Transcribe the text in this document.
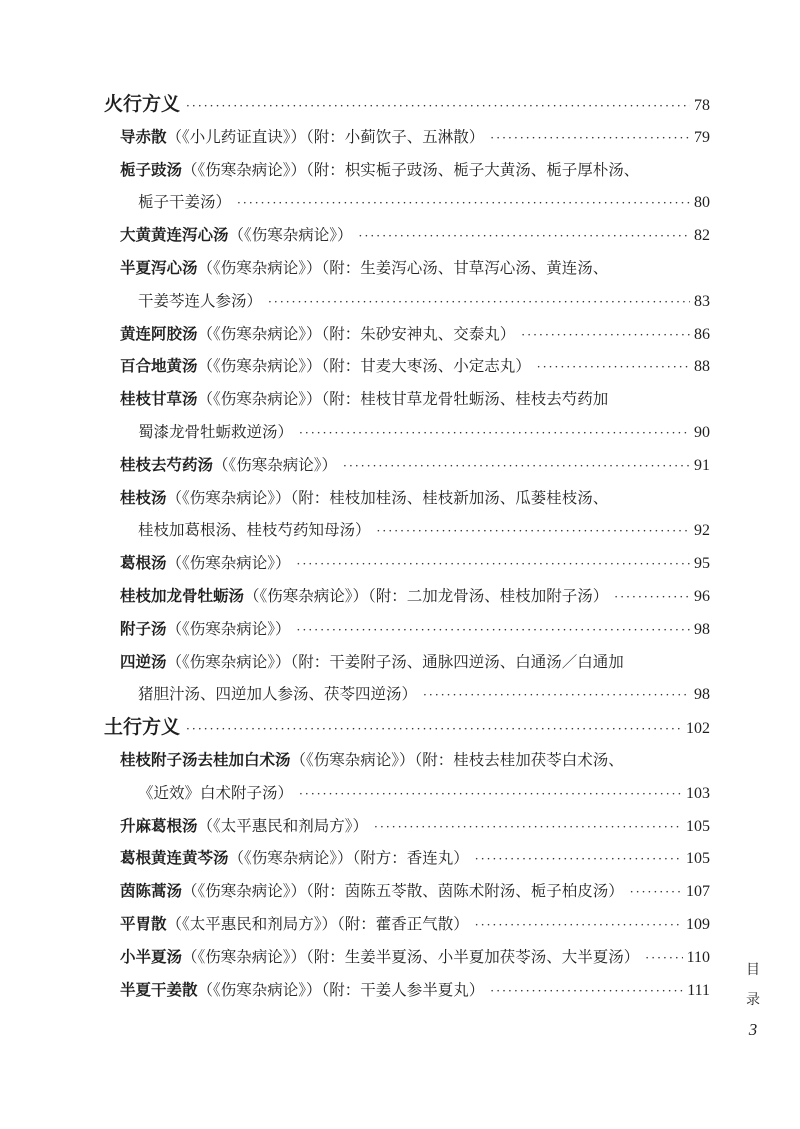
火行方义 ·····	78
导赤散（《小儿药证直诀》）（附：小蓟饮子、五淋散） ·····	79
栀子豉汤（《伤寒杂病论》）（附：枳实栀子豉汤、栀子大黄汤、栀子厚朴汤、
栀子干姜汤） ·····	80
大黄黄连泻心汤（《伤寒杂病论》） ·····	82
半夏泻心汤（《伤寒杂病论》）（附：生姜泻心汤、甘草泻心汤、黄连汤、
干姜芩连人参汤） ·····	83
黄连阿胶汤（《伤寒杂病论》）（附：朱砂安神丸、交泰丸） ·····	86
百合地黄汤（《伤寒杂病论》）（附：甘麦大枣汤、小定志丸） ·····	88
桂枝甘草汤（《伤寒杂病论》）（附：桂枝甘草龙骨牡蛎汤、桂枝去芍药加
蜀漆龙骨牡蛎救逆汤） ·····	90
桂枝去芍药汤（《伤寒杂病论》） ·····	91
桂枝汤（《伤寒杂病论》）（附：桂枝加桂汤、桂枝新加汤、瓜蒌桂枝汤、
桂枝加葛根汤、桂枝芍药知母汤） ·····	92
葛根汤（《伤寒杂病论》） ·····	95
桂枝加龙骨牡蛎汤（《伤寒杂病论》）（附：二加龙骨汤、桂枝加附子汤） ·····	96
附子汤（《伤寒杂病论》） ·····	98
四逆汤（《伤寒杂病论》）（附：干姜附子汤、通脉四逆汤、白通汤／白通加
猪胆汁汤、四逆加人参汤、茯苓四逆汤） ·····	98
土行方义 ·····	102
桂枝附子汤去桂加白术汤（《伤寒杂病论》）（附：桂枝去桂加茯苓白术汤、
《近效》白术附子汤） ·····	103
升麻葛根汤（《太平惠民和剂局方》） ·····	105
葛根黄连黄芩汤（《伤寒杂病论》）（附方：香连丸） ·····	105
茵陈蒿汤（《伤寒杂病论》）（附：茵陈五苓散、茵陈术附汤、栀子柏皮汤） ·····	107
平胃散（《太平惠民和剂局方》）（附：藿香正气散） ·····	109
小半夏汤（《伤寒杂病论》）（附：生姜半夏汤、小半夏加茯苓汤、大半夏汤） ·····	110
半夏干姜散（《伤寒杂病论》）（附：干姜人参半夏丸） ·····	111
目
录
3
